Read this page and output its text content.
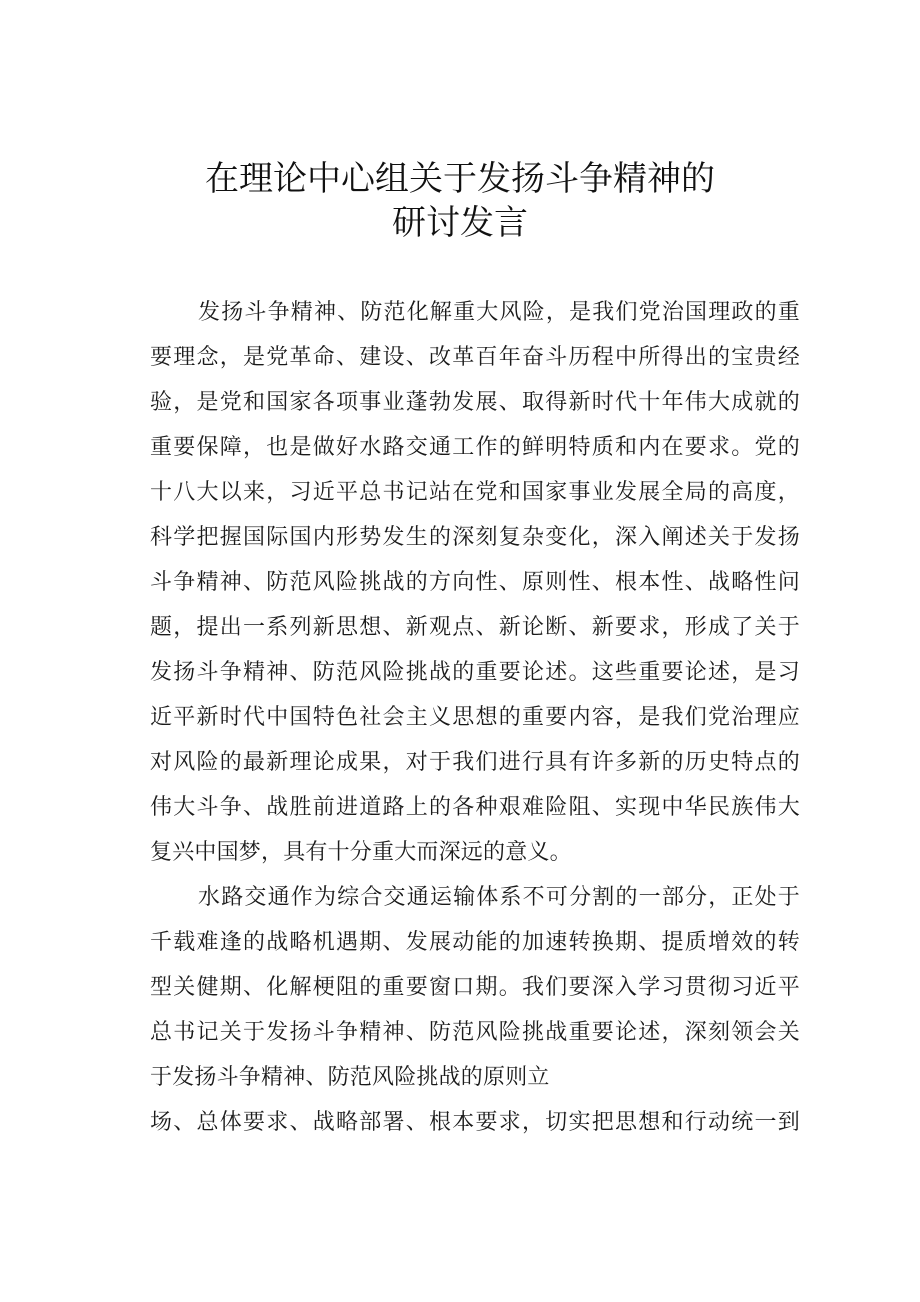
在理论中心组关于发扬斗争精神的
研讨发言
发扬斗争精神、防范化解重大风险，是我们党治国理政的重
要理念，是党革命、建设、改革百年奋斗历程中所得出的宝贵经
验，是党和国家各项事业蓬勃发展、取得新时代十年伟大成就的
重要保障，也是做好水路交通工作的鲜明特质和内在要求。党的
十八大以来，习近平总书记站在党和国家事业发展全局的高度，
科学把握国际国内形势发生的深刻复杂变化，深入阐述关于发扬
斗争精神、防范风险挑战的方向性、原则性、根本性、战略性问
题，提出一系列新思想、新观点、新论断、新要求，形成了关于
发扬斗争精神、防范风险挑战的重要论述。这些重要论述，是习
近平新时代中国特色社会主义思想的重要内容，是我们党治理应
对风险的最新理论成果，对于我们进行具有许多新的历史特点的
伟大斗争、战胜前进道路上的各种艰难险阻、实现中华民族伟大
复兴中国梦，具有十分重大而深远的意义。
水路交通作为综合交通运输体系不可分割的一部分，正处于
千载难逢的战略机遇期、发展动能的加速转换期、提质增效的转
型关健期、化解梗阻的重要窗口期。我们要深入学习贯彻习近平
总书记关于发扬斗争精神、防范风险挑战重要论述，深刻领会关
于发扬斗争精神、防范风险挑战的原则立
场、总体要求、战略部署、根本要求，切实把思想和行动统一到
